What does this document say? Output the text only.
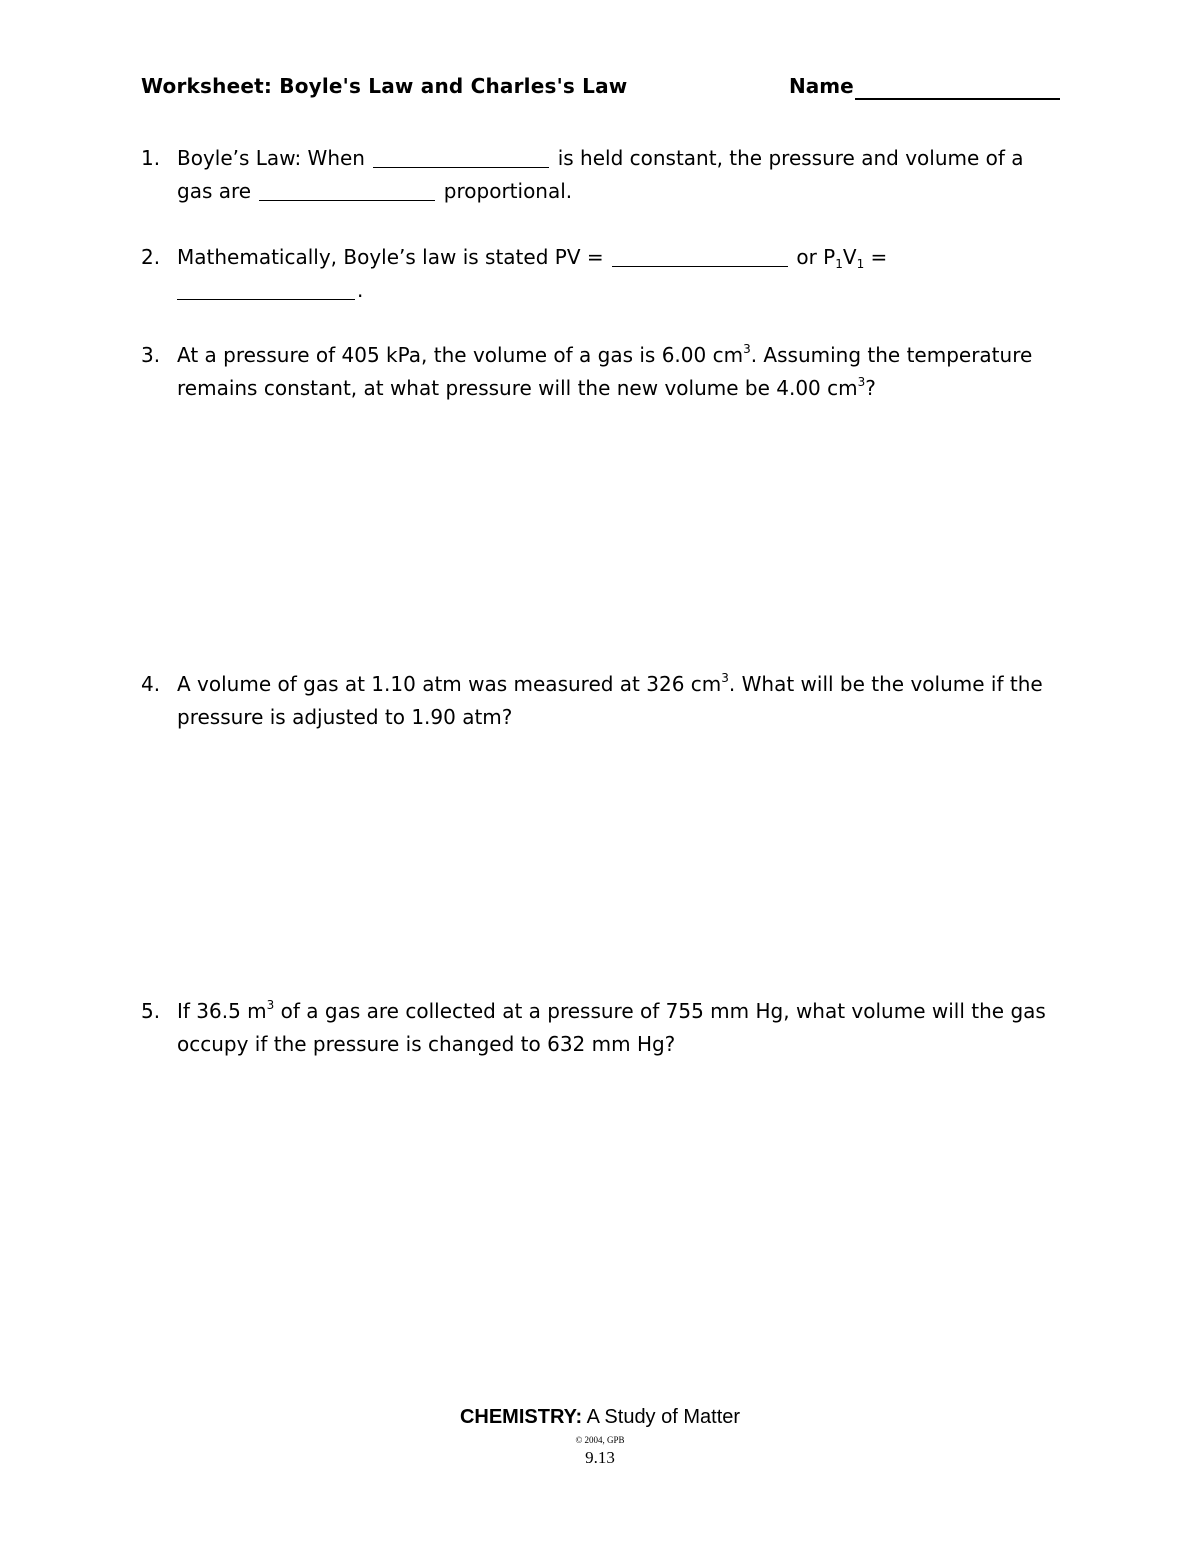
Worksheet: Boyle's Law and Charles's Law	Name
1. Boyle’s Law: When	is held constant, the pressure and volume of a gas are	proportional.
2. Mathematically, Boyle’s law is stated PV =	or $P_1V_1$ =
.
3. At a pressure of 405 kPa, the volume of a gas is 6.00 $cm^3$. Assuming the temperature remains constant, at what pressure will the new volume be 4.00 $cm^3$?
4. A volume of gas at 1.10 atm was measured at 326 $cm^3$. What will be the volume if the pressure is adjusted to 1.90 atm?
5. If 36.5 $m^3$ of a gas are collected at a pressure of 755 mm Hg, what volume will the gas occupy if the pressure is changed to 632 mm Hg?
CHEMISTRY: A Study of Matter
© 2004, GPB
9.13
